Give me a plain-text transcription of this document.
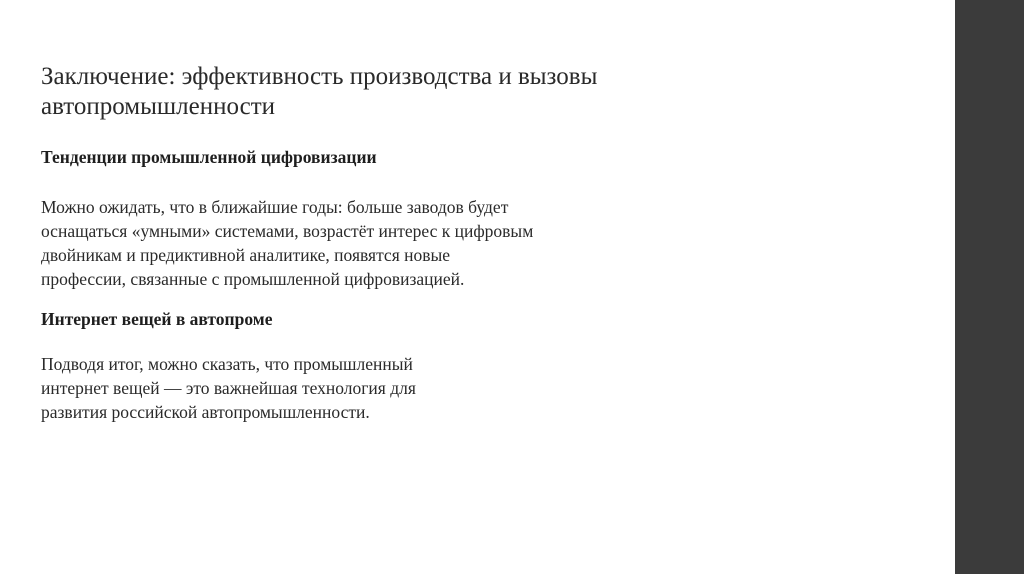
Заключение: эффективность производства и вызовы
автопромышленности
Тенденции промышленной цифровизации

Можно ожидать, что в ближайшие годы: больше заводов будет
оснащаться «умными» системами, возрастёт интерес к цифровым
двойникам и предиктивной аналитике, появятся новые
профессии, связанные с промышленной цифровизацией.

Интернет вещей в автопроме

Подводя итог, можно сказать, что промышленный
интернет вещей — это важнейшая технология для
развития российской автопромышленности.
